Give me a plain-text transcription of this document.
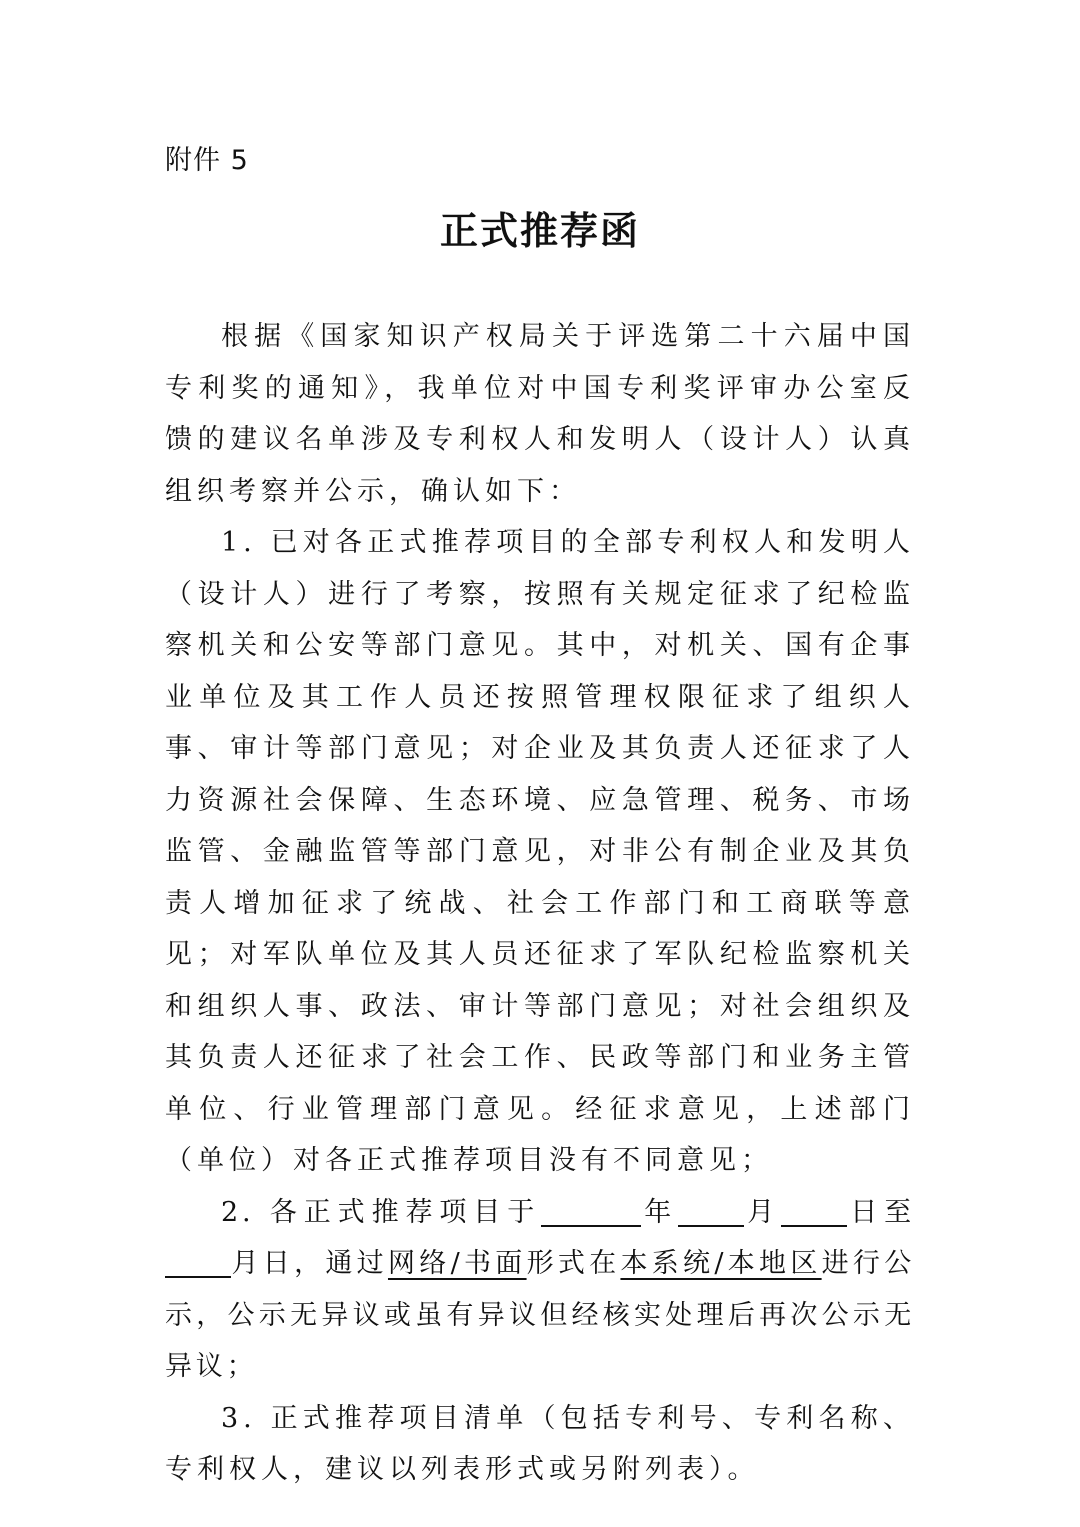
附件 5
正式推荐函

根据《国家知识产权局关于评选第二十六届中国专利奖的通知》，我单位对中国专利奖评审办公室反馈的建议名单涉及专利权人和发明人（设计人）认真组织考察并公示，确认如下：

1. 已对各正式推荐项目的全部专利权人和发明人（设计人）进行了考察，按照有关规定征求了纪检监察机关和公安等部门意见。其中，对机关、国有企事业单位及其工作人员还按照管理权限征求了组织人事、审计等部门意见；对企业及其负责人还征求了人力资源社会保障、生态环境、应急管理、税务、市场监管、金融监管等部门意见，对非公有制企业及其负责人增加征求了统战、社会工作部门和工商联等意见；对军队单位及其人员还征求了军队纪检监察机关和组织人事、政法、审计等部门意见；对社会组织及其负责人还征求了社会工作、民政等部门和业务主管单位、行业管理部门意见。经征求意见，上述部门（单位）对各正式推荐项目没有不同意见；

2. 各正式推荐项目于	年 月 日至月日，通过网络/书面形式在本系统/本地区进行公示，公示无异议或虽有异议但经核实处理后再次公示无异议；

3. 正式推荐项目清单（包括专利号、专利名称、专利权人，建议以列表形式或另附列表）。
